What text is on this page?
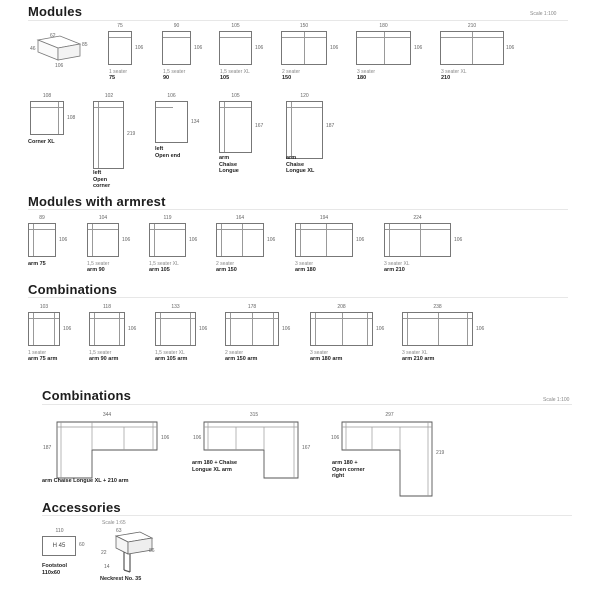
Modules	Scale 1:100
62
85
46
106
75
106
1 seater
75
90
106
1,5 seater
90
105
106
1,5 seater XL
105
150
106
2 seater
150
180
106
3 seater
180
210
106
3 seater XL
210
108
108
Corner XL
102
219
left
Open corner
106
134
left
Open end
105
167
arm
Chaise Longue
120
187
arm
Chaise Longue XL
Modules with armrest
89
106
arm 75
104
106
1,5 seater
arm 90
119
106
1,5 seater XL
arm 105
164
106
2 seater
arm 150
194
106
3 seater
arm 180
224
106
3 seater XL
arm 210
Combinations
103
106
1 seater
arm 75 arm
118
106
1,5 seater
arm 90 arm
133
106
1,5 seater XL
arm 105 arm
178
106
2 seater
arm 150 arm
208
106
3 seater
arm 180 arm
238
106
3 seater XL
arm 210 arm
Combinations	Scale 1:100
344
187
106
arm Chaise Longue XL + 210 arm
315
106
167
arm 180 + Chaise
Longue XL arm
297
106
219
arm 180 +
Open corner
right
Accessories
Scale 1:65
110
H 45	60
Footstool
110x60
63
86
22
14
Neckrest No. 35
